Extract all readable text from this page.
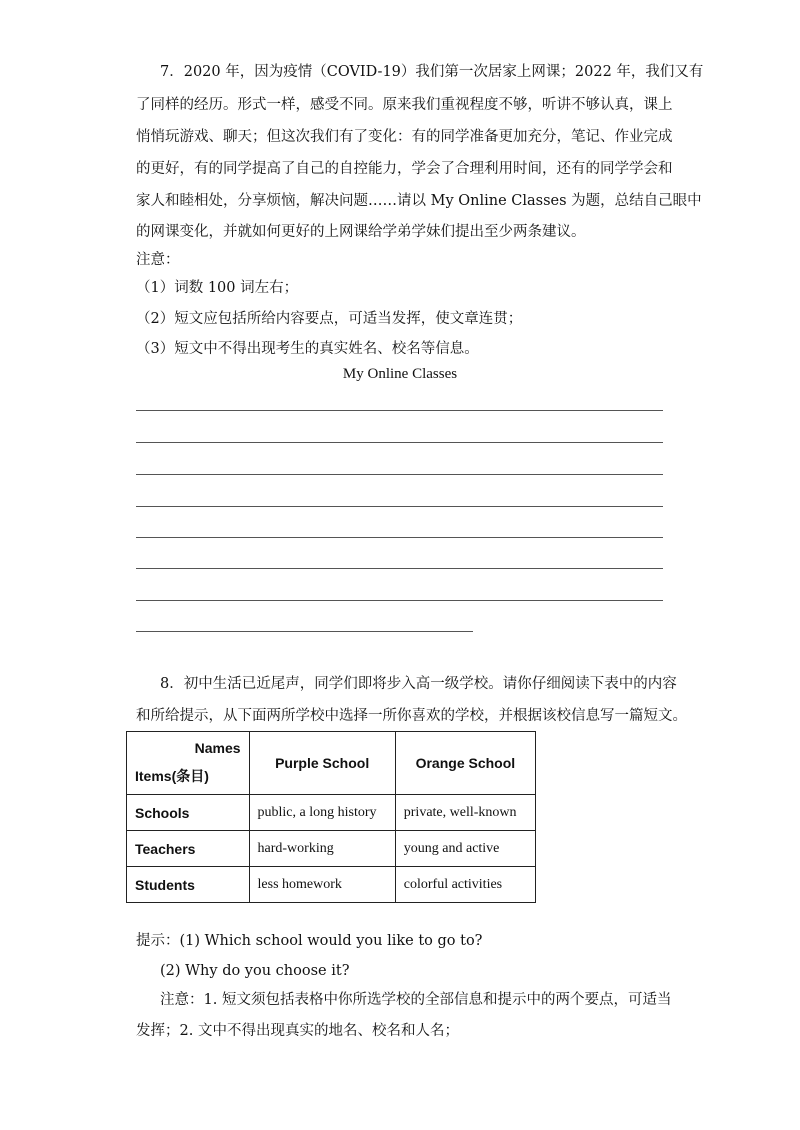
7．2020 年，因为疫情（COVID-19）我们第一次居家上网课；2022 年，我们又有
了同样的经历。形式一样，感受不同。原来我们重视程度不够，听讲不够认真，课上
悄悄玩游戏、聊天；但这次我们有了变化：有的同学准备更加充分，笔记、作业完成
的更好，有的同学提高了自己的自控能力，学会了合理利用时间，还有的同学学会和
家人和睦相处，分享烦恼，解决问题……请以 My Online Classes 为题，总结自己眼中
的网课变化，并就如何更好的上网课给学弟学妹们提出至少两条建议。
注意：
（1）词数 100 词左右；
（2）短文应包括所给内容要点，可适当发挥，使文章连贯；
（3）短文中不得出现考生的真实姓名、校名等信息。
My Online Classes
8．初中生活已近尾声，同学们即将步入高一级学校。请你仔细阅读下表中的内容
和所给提示，从下面两所学校中选择一所你喜欢的学校，并根据该校信息写一篇短文。
Names
Items(条目)	Purple School	Orange School
Schools	public, a long history	private, well-known
Teachers	hard-working	young and active
Students	less homework	colorful activities
提示：(1) Which school would you like to go to?
(2) Why do you choose it?
注意：1. 短文须包括表格中你所选学校的全部信息和提示中的两个要点，可适当
发挥；2. 文中不得出现真实的地名、校名和人名；
